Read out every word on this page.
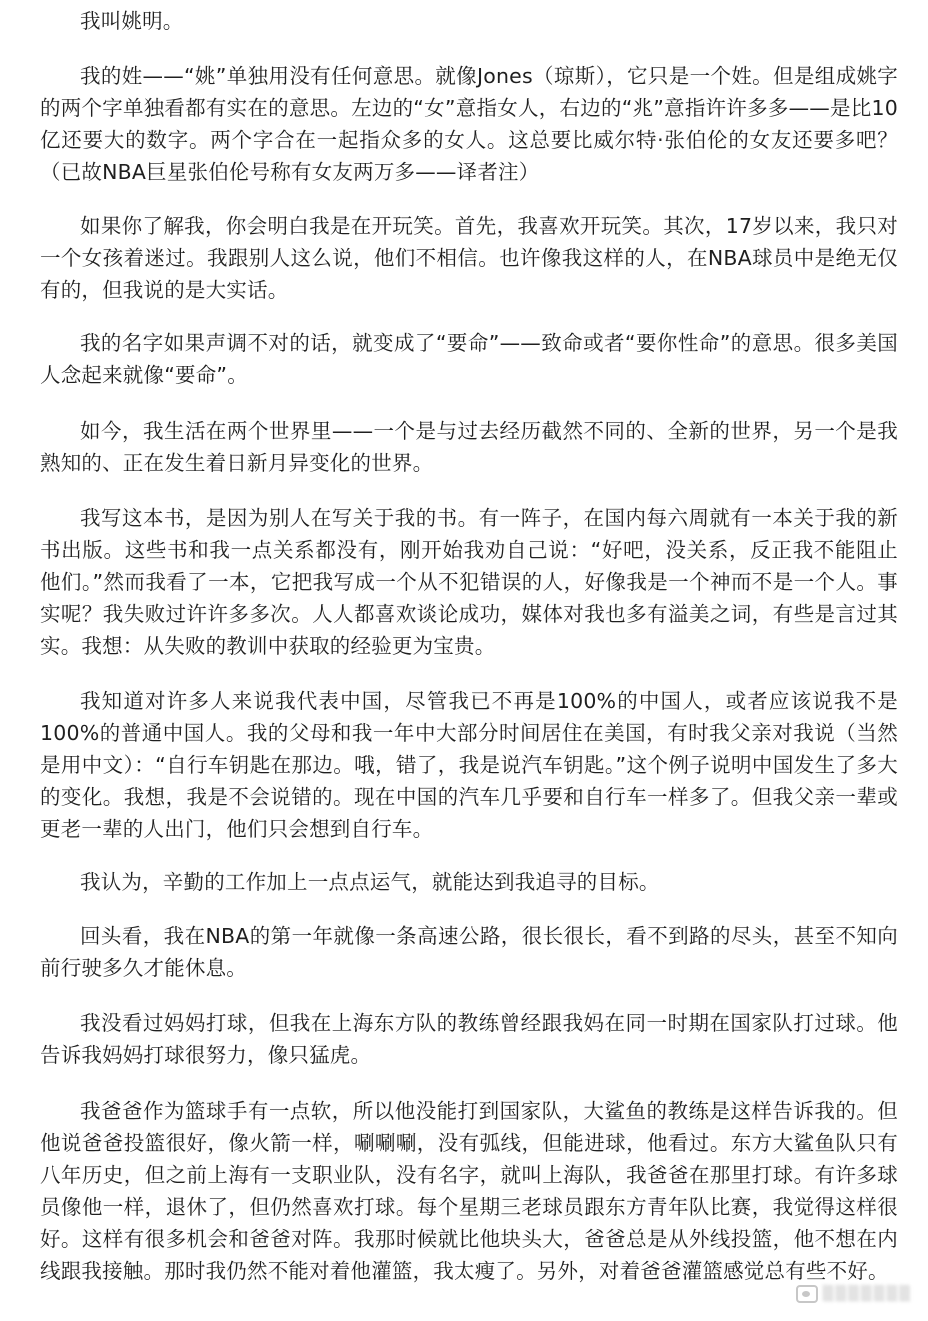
我叫姚明。

我的姓——“姚”单独用没有任何意思。就像Jones（琼斯），它只是一个姓。但是组成姚字的两个字单独看都有实在的意思。左边的“女”意指女人，右边的“兆”意指许许多多——是比10亿还要大的数字。两个字合在一起指众多的女人。这总要比威尔特·张伯伦的女友还要多吧？（已故NBA巨星张伯伦号称有女友两万多——译者注）

如果你了解我，你会明白我是在开玩笑。首先，我喜欢开玩笑。其次，17岁以来，我只对一个女孩着迷过。我跟别人这么说，他们不相信。也许像我这样的人，在NBA球员中是绝无仅有的，但我说的是大实话。

我的名字如果声调不对的话，就变成了“要命”——致命或者“要你性命”的意思。很多美国人念起来就像“要命”。

如今，我生活在两个世界里——一个是与过去经历截然不同的、全新的世界，另一个是我熟知的、正在发生着日新月异变化的世界。

我写这本书，是因为别人在写关于我的书。有一阵子，在国内每六周就有一本关于我的新书出版。这些书和我一点关系都没有，刚开始我劝自己说：“好吧，没关系，反正我不能阻止他们。”然而我看了一本，它把我写成一个从不犯错误的人，好像我是一个神而不是一个人。事实呢？我失败过许许多多次。人人都喜欢谈论成功，媒体对我也多有溢美之词，有些是言过其实。我想：从失败的教训中获取的经验更为宝贵。

我知道对许多人来说我代表中国，尽管我已不再是100%的中国人，或者应该说我不是100%的普通中国人。我的父母和我一年中大部分时间居住在美国，有时我父亲对我说（当然是用中文）：“自行车钥匙在那边。哦，错了，我是说汽车钥匙。”这个例子说明中国发生了多大的变化。我想，我是不会说错的。现在中国的汽车几乎要和自行车一样多了。但我父亲一辈或更老一辈的人出门，他们只会想到自行车。

我认为，辛勤的工作加上一点点运气，就能达到我追寻的目标。

回头看，我在NBA的第一年就像一条高速公路，很长很长，看不到路的尽头，甚至不知向前行驶多久才能休息。

我没看过妈妈打球，但我在上海东方队的教练曾经跟我妈在同一时期在国家队打过球。他告诉我妈妈打球很努力，像只猛虎。

我爸爸作为篮球手有一点软，所以他没能打到国家队，大鲨鱼的教练是这样告诉我的。但他说爸爸投篮很好，像火箭一样，唰唰唰，没有弧线，但能进球，他看过。东方大鲨鱼队只有八年历史，但之前上海有一支职业队，没有名字，就叫上海队，我爸爸在那里打球。有许多球员像他一样，退休了，但仍然喜欢打球。每个星期三老球员跟东方青年队比赛，我觉得这样很好。这样有很多机会和爸爸对阵。我那时候就比他块头大，爸爸总是从外线投篮，他不想在内线跟我接触。那时我仍然不能对着他灌篮，我太瘦了。另外，对着爸爸灌篮感觉总有些不好。

▒▒▒▒▒▒▒
